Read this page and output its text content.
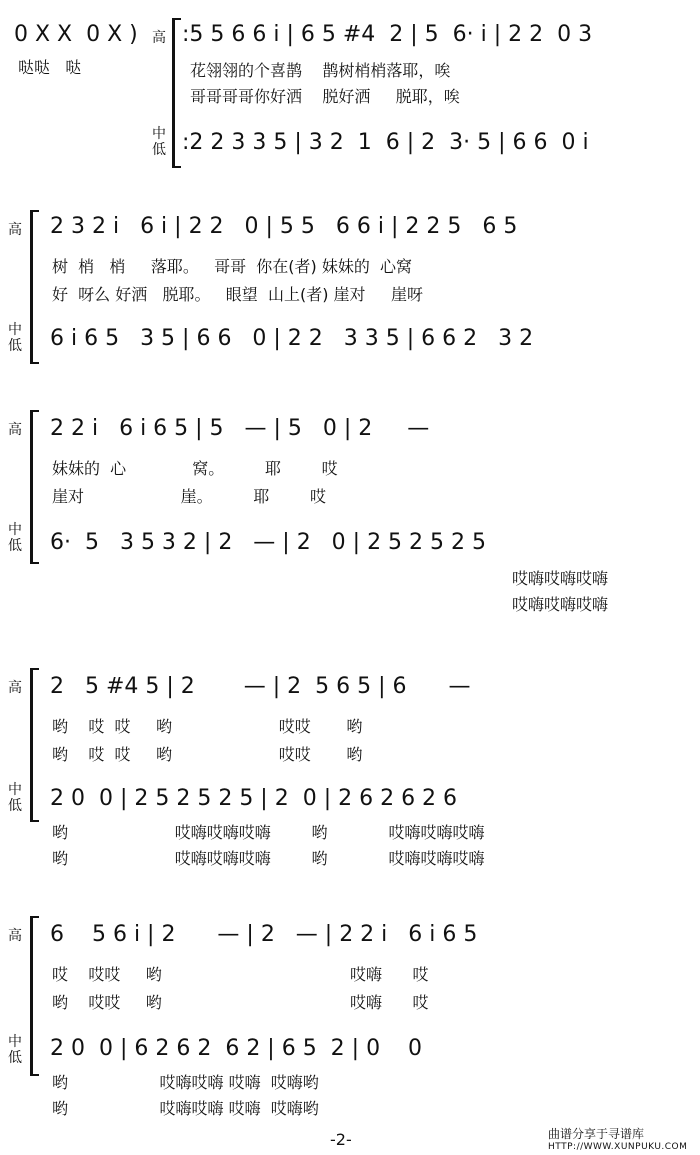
0 X X  0 X )
哒哒   哒
高
中
低
:5 5 6 6 i | 6 5 #4  2 | 5  6· i | 2 2  0 3
花翎翎的个喜鹊    鹊树梢梢落耶，唉
哥哥哥哥你好洒    脱好洒     脱耶，唉
:2 2 3 3 5 | 3 2  1  6 | 2  3· 5 | 6 6  0 i
高
中
低
2 3 2 i   6 i | 2 2   0 | 5 5   6 6 i | 2 2 5   6 5
树  梢   梢     落耶。   哥哥  你在(者) 妹妹的  心窝
好  呀么 好洒   脱耶。   眼望  山上(者) 崖对     崖呀
6 i 6 5   3 5 | 6 6   0 | 2 2   3 3 5 | 6 6 2   3 2
高
中
低
2 2 i   6 i 6 5 | 5   — | 5   0 | 2     —
妹妹的  心             窝。        耶        哎
崖对                   崖。        耶        哎
6·  5   3 5 3 2 | 2   — | 2   0 | 2 5 2 5 2 5
哎嗨哎嗨哎嗨
哎嗨哎嗨哎嗨
高
中
低
2   5 #4 5 | 2       — | 2  5 6 5 | 6      —
哟    哎  哎     哟                     哎哎       哟
哟    哎  哎     哟                     哎哎       哟
2 0  0 | 2 5 2 5 2 5 | 2  0 | 2 6 2 6 2 6
哟                     哎嗨哎嗨哎嗨        哟            哎嗨哎嗨哎嗨
哟                     哎嗨哎嗨哎嗨        哟            哎嗨哎嗨哎嗨
高
中
低
6    5 6 i | 2      — | 2   — | 2 2 i   6 i 6 5
哎    哎哎     哟                                     哎嗨      哎
哟    哎哎     哟                                     哎嗨      哎
2 0  0 | 6 2 6 2  6 2 | 6 5  2 | 0    0
哟                  哎嗨哎嗨 哎嗨  哎嗨哟
哟                  哎嗨哎嗨 哎嗨  哎嗨哟
-2-	曲谱分享于寻谱库
HTTP://WWW.XUNPUKU.COM
